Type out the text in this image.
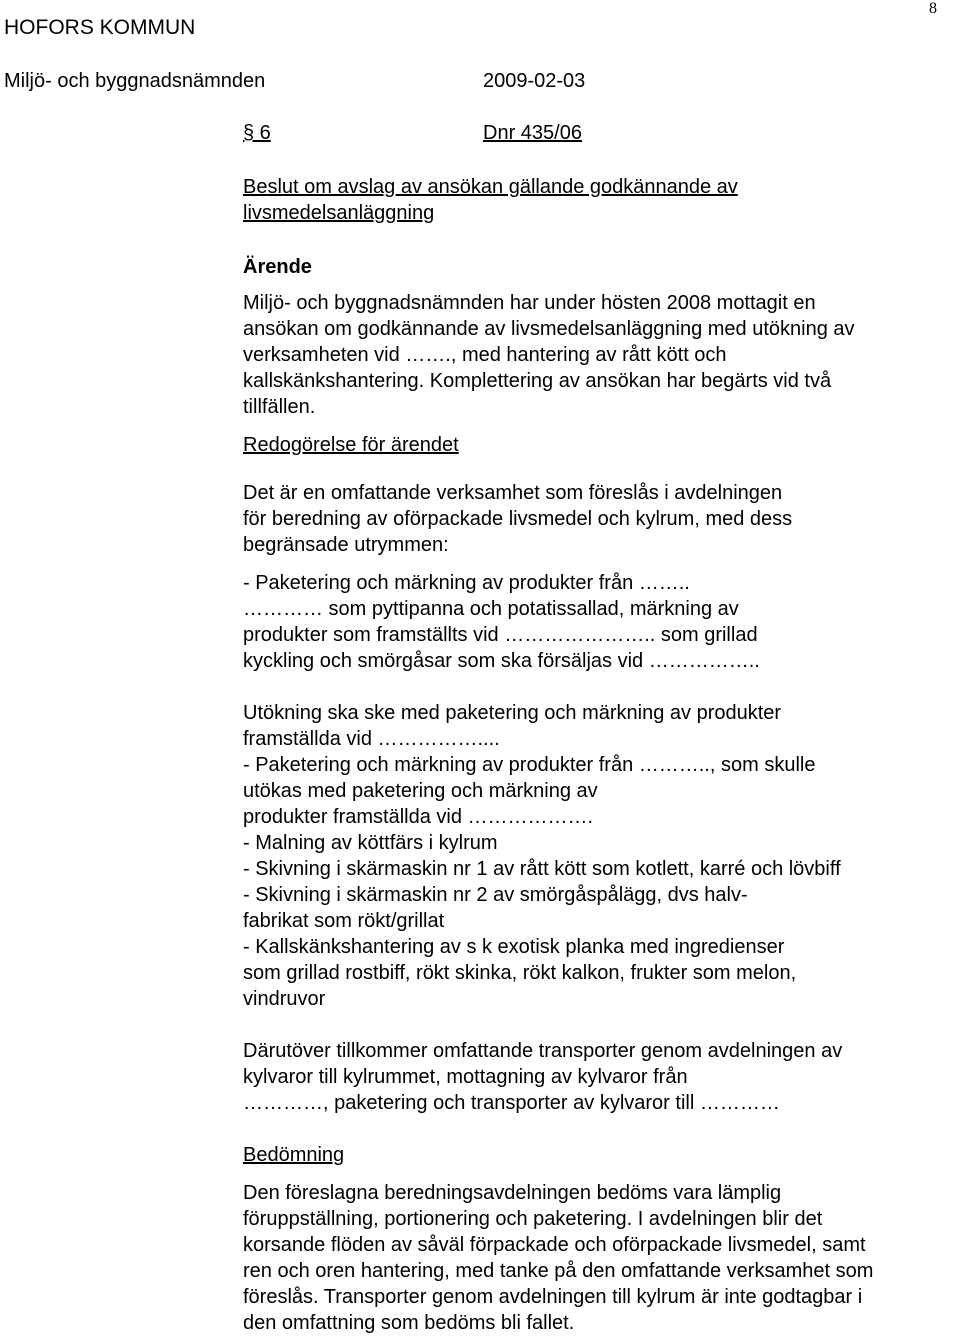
HOFORS KOMMUN
8
Miljö- och byggnadsnämnden	2009-02-03
§ 6	Dnr 435/06
Beslut om avslag av ansökan gällande godkännande av
livsmedelsanläggning
Ärende
Miljö- och byggnadsnämnden har under hösten 2008 mottagit en
ansökan om godkännande av livsmedelsanläggning med utökning av
verksamheten vid ……., med hantering av rått kött och
kallskänkshantering. Komplettering av ansökan har begärts vid två
tillfällen.
Redogörelse för ärendet
Det är en omfattande verksamhet som föreslås i avdelningen
för beredning av oförpackade livsmedel och kylrum, med dess
begränsade utrymmen:
- Paketering och märkning av produkter från ……..
………… som pyttipanna och potatissallad, märkning av
produkter som framställts vid ………………….. som grillad
kyckling och smörgåsar som ska försäljas vid ……………..
Utökning ska ske med paketering och märkning av produkter
framställda vid ……………....
- Paketering och märkning av produkter från ……….., som skulle
utökas med paketering och märkning av
produkter framställda vid ……………….
- Malning av köttfärs i kylrum
- Skivning i skärmaskin nr 1 av rått kött som kotlett, karré och lövbiff
- Skivning i skärmaskin nr 2 av smörgåspålägg, dvs halv-
fabrikat som rökt/grillat
- Kallskänkshantering av s k exotisk planka med ingredienser
som grillad rostbiff, rökt skinka, rökt kalkon, frukter som melon,
vindruvor
Därutöver tillkommer omfattande transporter genom avdelningen av
kylvaror till kylrummet, mottagning av kylvaror från
…………, paketering och transporter av kylvaror till …………
Bedömning
Den föreslagna beredningsavdelningen bedöms vara lämplig
föruppställning, portionering och paketering. I avdelningen blir det
korsande flöden av såväl förpackade och oförpackade livsmedel, samt
ren och oren hantering, med tanke på den omfattande verksamhet som
föreslås. Transporter genom avdelningen till kylrum är inte godtagbar i
den omfattning som bedöms bli fallet.
